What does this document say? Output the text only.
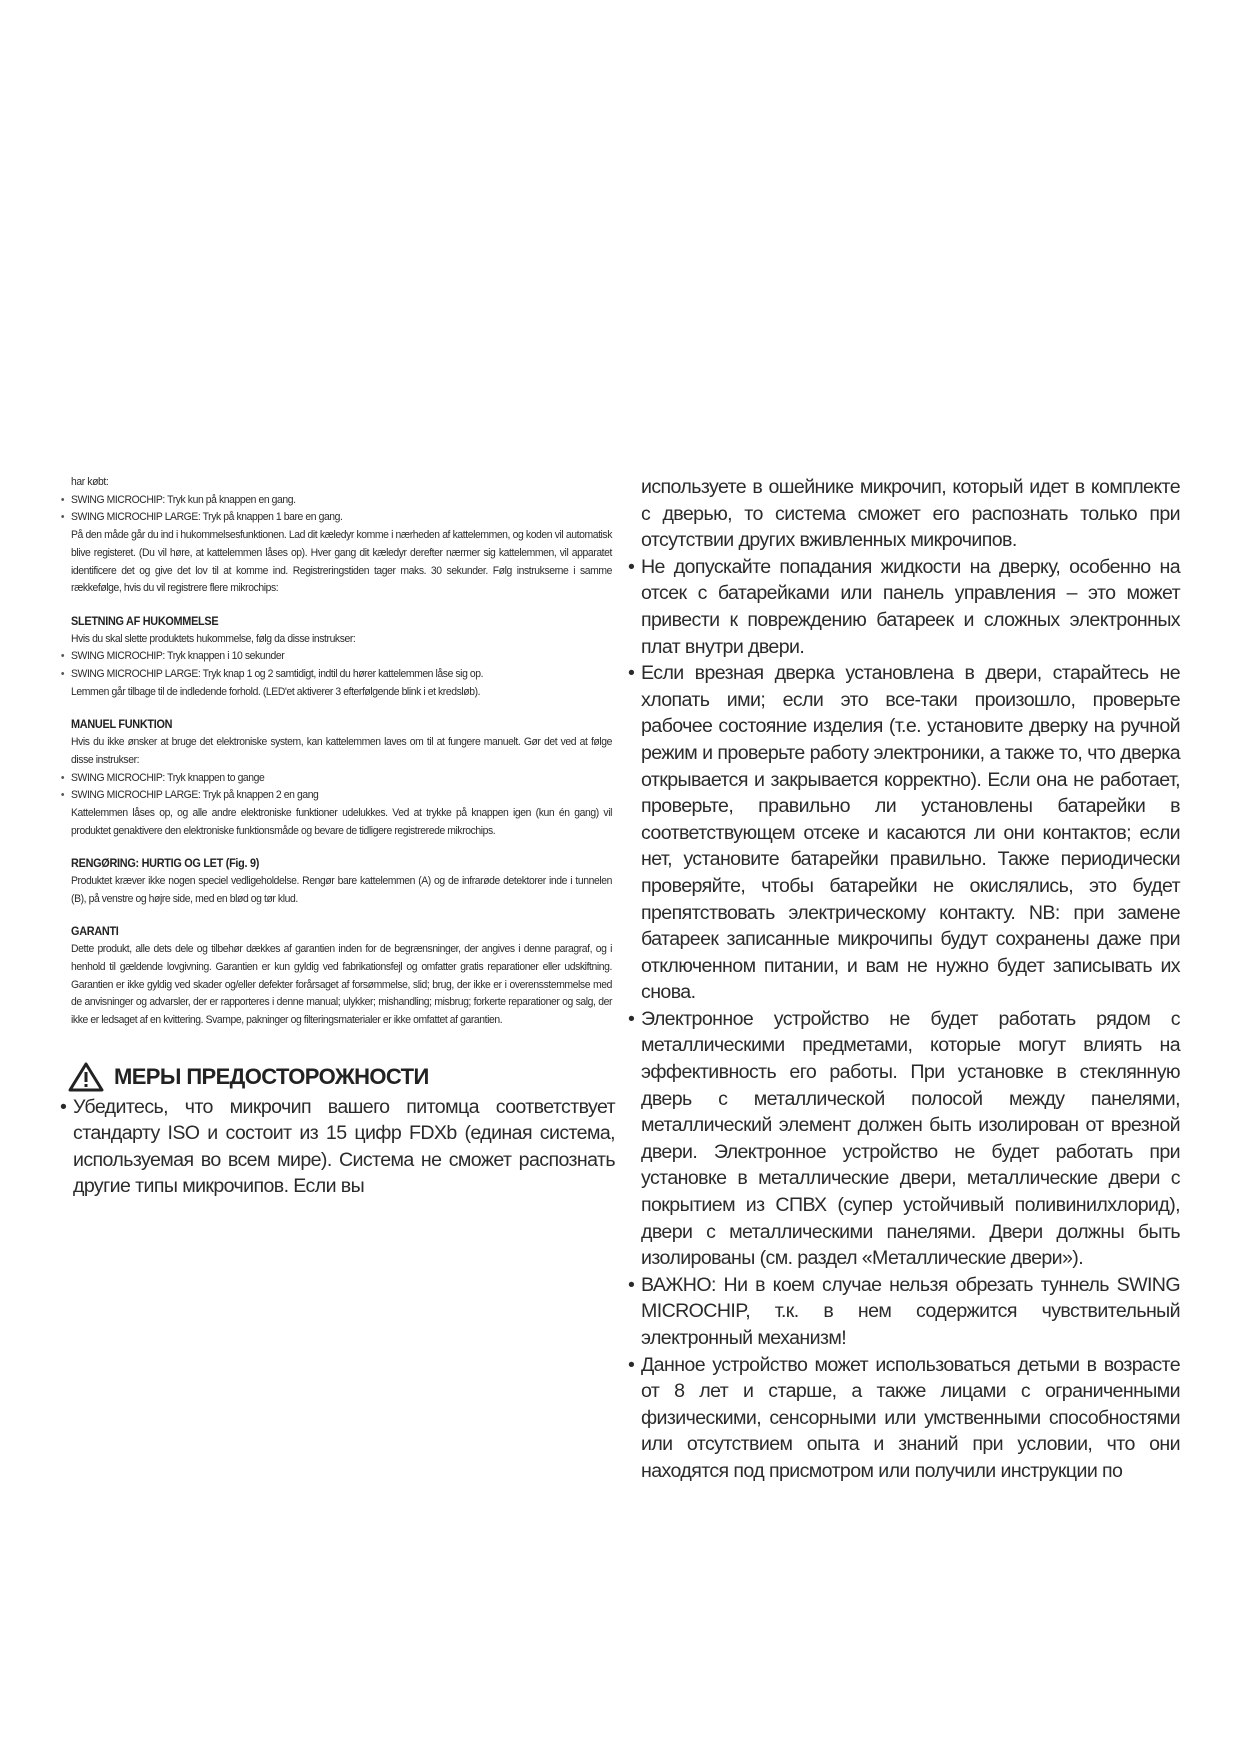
har købt:

• SWING MICROCHIP: Tryk kun på knappen en gang.
• SWING MICROCHIP LARGE: Tryk på knappen 1 bare en gang.

På den måde går du ind i hukommelsesfunktionen. Lad dit kæledyr komme i nærheden af kattelemmen, og koden vil automatisk blive registeret. (Du vil høre, at kattelemmen låses op). Hver gang dit kæledyr derefter nærmer sig kattelemmen, vil apparatet identificere det og give det lov til at komme ind. Registreringstiden tager maks. 30 sekunder. Følg instrukserne i samme rækkefølge, hvis du vil registrere flere mikrochips:

SLETNING AF HUKOMMELSE

Hvis du skal slette produktets hukommelse, følg da disse instrukser:

• SWING MICROCHIP: Tryk knappen i 10 sekunder
• SWING MICROCHIP LARGE: Tryk knap 1 og 2 samtidigt, indtil du hører kattelemmen låse sig op.

Lemmen går tilbage til de indledende forhold. (LED'et aktiverer 3 efterfølgende blink i et kredsløb).

MANUEL FUNKTION

Hvis du ikke ønsker at bruge det elektroniske system, kan kattelemmen laves om til at fungere manuelt. Gør det ved at følge disse instrukser:

• SWING MICROCHIP: Tryk knappen to gange
• SWING MICROCHIP LARGE: Tryk på knappen 2 en gang

Kattelemmen låses op, og alle andre elektroniske funktioner udelukkes. Ved at trykke på knappen igen (kun én gang) vil produktet genaktivere den elektroniske funktionsmåde og bevare de tidligere registrerede mikrochips.

RENGØRING: HURTIG OG LET (Fig. 9)

Produktet kræver ikke nogen speciel vedligeholdelse. Rengør bare kattelemmen (A) og de infrarøde detektorer inde i tunnelen (B), på venstre og højre side, med en blød og tør klud.

GARANTI

Dette produkt, alle dets dele og tilbehør dækkes af garantien inden for de begrænsninger, der angives i denne paragraf, og i henhold til gældende lovgivning. Garantien er kun gyldig ved fabrikationsfejl og omfatter gratis reparationer eller udskiftning. Garantien er ikke gyldig ved skader og/eller defekter forårsaget af forsømmelse, slid; brug, der ikke er i overensstemmelse med de anvisninger og advarsler, der er rapporteres i denne manual; ulykker; mishandling; misbrug; forkerte reparationer og salg, der ikke er ledsaget af en kvittering. Svampe, pakninger og filteringsmaterialer er ikke omfattet af garantien.

МЕРЫ ПРЕДОСТОРОЖНОСТИ
• Убедитесь, что микрочип вашего питомца соответствует стандарту ISO и состоит из 15 цифр FDXb (единая система, используемая во всем мире). Система не сможет распознать другие типы микрочипов. Если вы

используете в ошейнике микрочип, который идет в комплекте с дверью, то система сможет его распознать только при отсутствии других вживленных микрочипов.

• Не допускайте попадания жидкости на дверку, особенно на отсек с батарейками или панель управления – это может привести к повреждению батареек и сложных электронных плат внутри двери.
• Если врезная дверка установлена в двери, старайтесь не хлопать ими; если это все-таки произошло, проверьте рабочее состояние изделия (т.е. установите дверку на ручной режим и проверьте работу электроники, а также то, что дверка открывается и закрывается корректно). Если она не работает, проверьте, правильно ли установлены батарейки в соответствующем отсеке и касаются ли они контактов; если нет, установите батарейки правильно. Также периодически проверяйте, чтобы батарейки не окислялись, это будет препятствовать электрическому контакту. NB: при замене батареек записанные микрочипы будут сохранены даже при отключенном питании, и вам не нужно будет записывать их снова.
• Электронное устройство не будет работать рядом с металлическими предметами, которые могут влиять на эффективность его работы. При установке в стеклянную дверь с металлической полосой между панелями, металлический элемент должен быть изолирован от врезной двери. Электронное устройство не будет работать при установке в металлические двери, металлические двери с покрытием из СПВХ (супер устойчивый поливинилхлорид), двери с металлическими панелями. Двери должны быть изолированы (см. раздел «Металлические двери»).
• ВАЖНО: Ни в коем случае нельзя обрезать туннель SWING MICROCHIP, т.к. в нем содержится чувствительный электронный механизм!
• Данное устройство может использоваться детьми в возрасте от 8 лет и старше, а также лицами с ограниченными физическими, сенсорными или умственными способностями или отсутствием опыта и знаний при условии, что они находятся под присмотром или получили инструкции по
